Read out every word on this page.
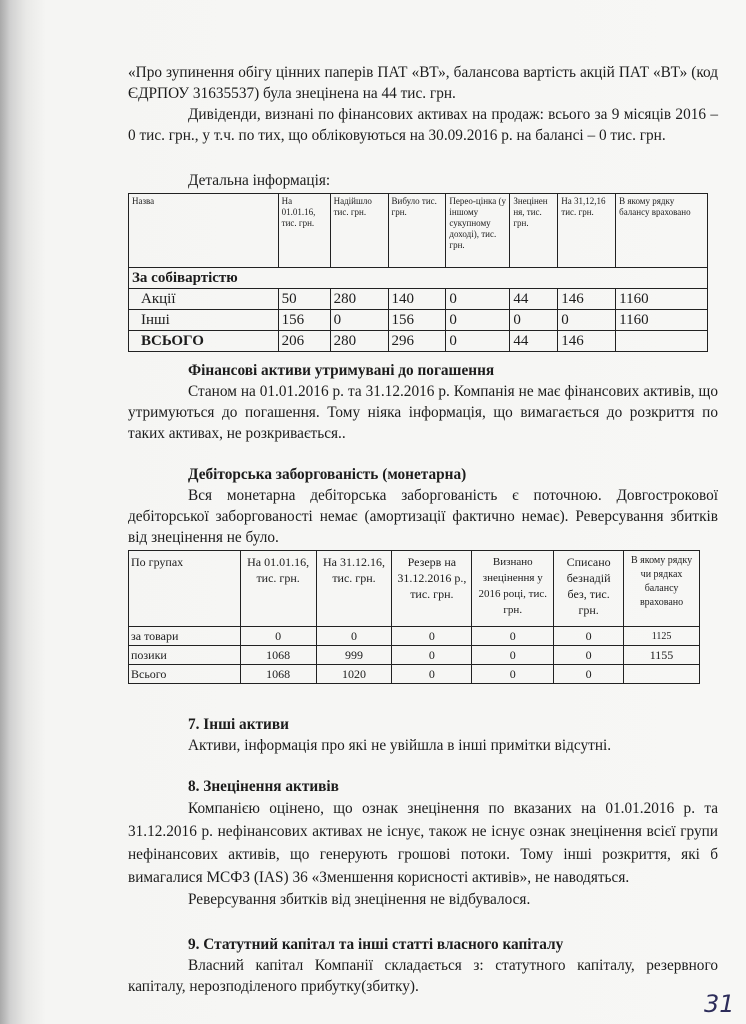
«Про зупинення обігу цінних паперів ПАТ «ВТ», балансова вартість акцій ПАТ «ВТ» (код ЄДРПОУ 31635537) була знецінена на 44 тис. грн.

Дивіденди, визнані по фінансових активах на продаж: всього за 9 місяців 2016 – 0 тис. грн., у т.ч. по тих, що обліковуються на 30.09.2016 р. на балансі – 0 тис. грн.

Детальна інформація:

Назва	На 01.01.16, тис. грн.	Надійшло тис. грн.	Вибуло тис. грн.	Перео-цінка (у іншому сукупному доході), тис. грн.	Знецінен ня, тис. грн.	На 31,12,16 тис. грн.	В якому рядку балансу враховано
За собівартістю							
Акції	50	280	140	0	44	146	1160
Інші	156	0	156	0	0	0	1160
ВСЬОГО	206	280	296	0	44	146	

Фінансові активи утримувані до погашення

Станом на 01.01.2016 р. та 31.12.2016 р. Компанія не має фінансових активів, що утримуються до погашення. Тому ніяка інформація, що вимагається до розкриття по таких активах, не розкривається..

Дебіторська заборгованість (монетарна)

Вся монетарна дебіторська заборгованість є поточною. Довгострокової дебіторської заборгованості немає (амортизації фактично немає). Реверсування збитків від знецінення не було.

По групах	На 01.01.16, тис. грн.	На 31.12.16, тис. грн.	Резерв на 31.12.2016 р., тис. грн.	Визнано знецінення у 2016 році, тис. грн.	Списано безнадій без, тис. грн.	В якому рядку чи рядках балансу враховано
за товари	0	0	0	0	0	1125
позики	1068	999	0	0	0	1155
Всього	1068	1020	0	0	0	

7. Інші активи

Активи, інформація про які не увійшла в інші примітки відсутні.

8. Знецінення активів

Компанією оцінено, що ознак знецінення по вказаних на 01.01.2016 р. та 31.12.2016 р. нефінансових активах не існує, також не існує ознак знецінення всієї групи нефінансових активів, що генерують грошові потоки. Тому інші розкриття, які б вимагалися МСФЗ (IAS) 36 «Зменшення корисності активів», не наводяться.

Реверсування збитків від знецінення не відбувалося.

9. Статутний капітал та інші статті власного капіталу

Власний капітал Компанії складається з: статутного капіталу, резервного капіталу, нерозподіленого прибутку(збитку).

31
